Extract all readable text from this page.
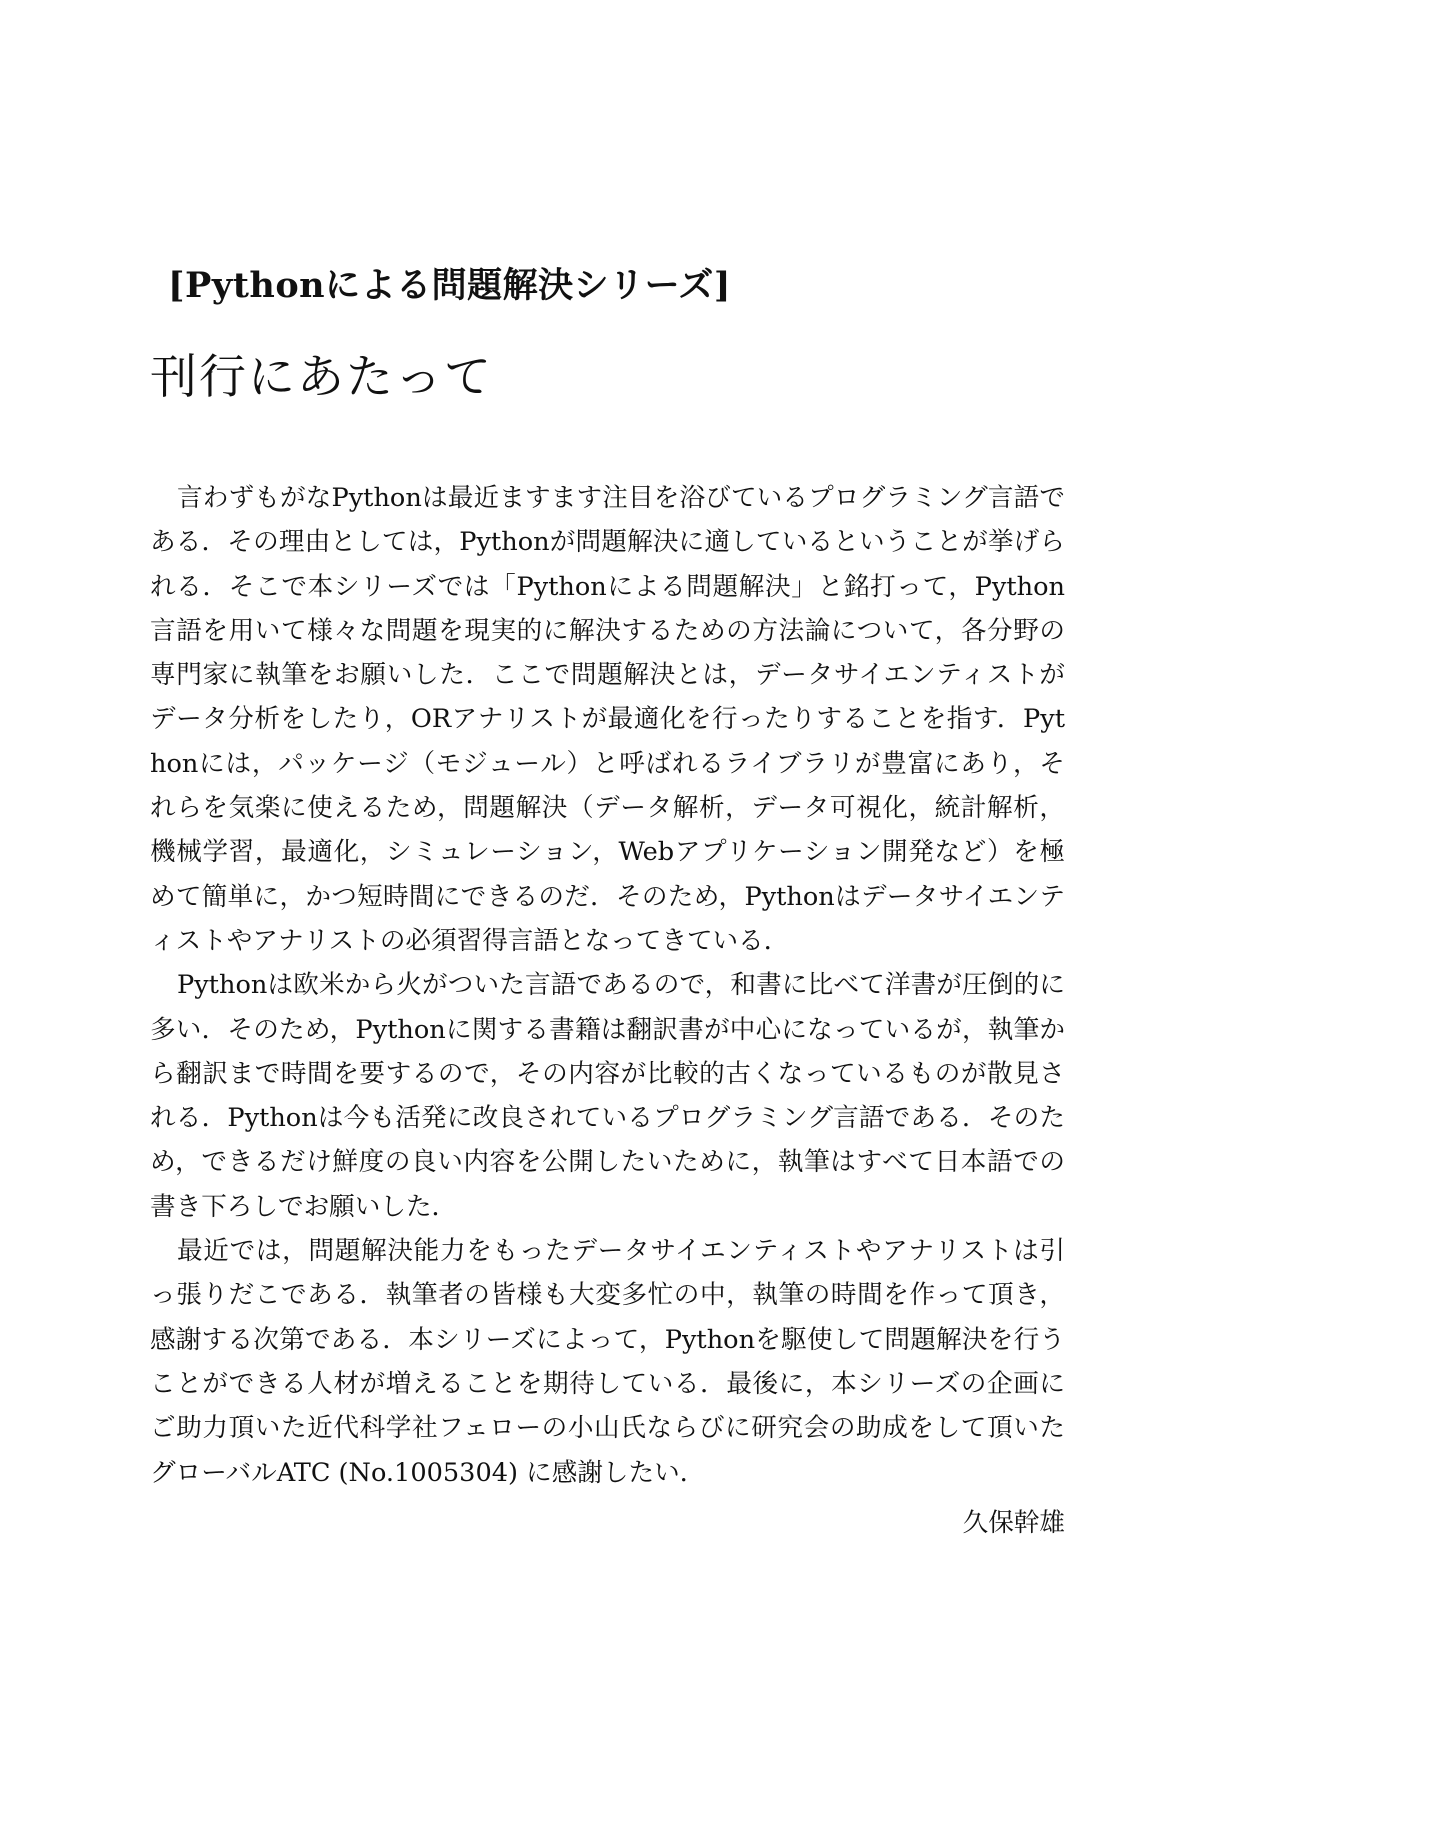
[Pythonによる問題解決シリーズ]
刊行にあたって

言わずもがなPythonは最近ますます注目を浴びているプログラミング言語である．その理由としては，Pythonが問題解決に適しているということが挙げられる．そこで本シリーズでは「Pythonによる問題解決」と銘打って，Python言語を用いて様々な問題を現実的に解決するための方法論について，各分野の専門家に執筆をお願いした．ここで問題解決とは，データサイエンティストがデータ分析をしたり，ORアナリストが最適化を行ったりすることを指す．Pythonには，パッケージ（モジュール）と呼ばれるライブラリが豊富にあり，それらを気楽に使えるため，問題解決（データ解析，データ可視化，統計解析，機械学習，最適化，シミュレーション，Webアプリケーション開発など）を極めて簡単に，かつ短時間にできるのだ．そのため，Pythonはデータサイエンティストやアナリストの必須習得言語となってきている．

Pythonは欧米から火がついた言語であるので，和書に比べて洋書が圧倒的に多い．そのため，Pythonに関する書籍は翻訳書が中心になっているが，執筆から翻訳まで時間を要するので，その内容が比較的古くなっているものが散見される．Pythonは今も活発に改良されているプログラミング言語である．そのため，できるだけ鮮度の良い内容を公開したいために，執筆はすべて日本語での書き下ろしでお願いした．

最近では，問題解決能力をもったデータサイエンティストやアナリストは引っ張りだこである．執筆者の皆様も大変多忙の中，執筆の時間を作って頂き，感謝する次第である．本シリーズによって，Pythonを駆使して問題解決を行うことができる人材が増えることを期待している．最後に，本シリーズの企画にご助力頂いた近代科学社フェローの小山氏ならびに研究会の助成をして頂いたグローバルATC (No.1005304) に感謝したい．

久保幹雄
